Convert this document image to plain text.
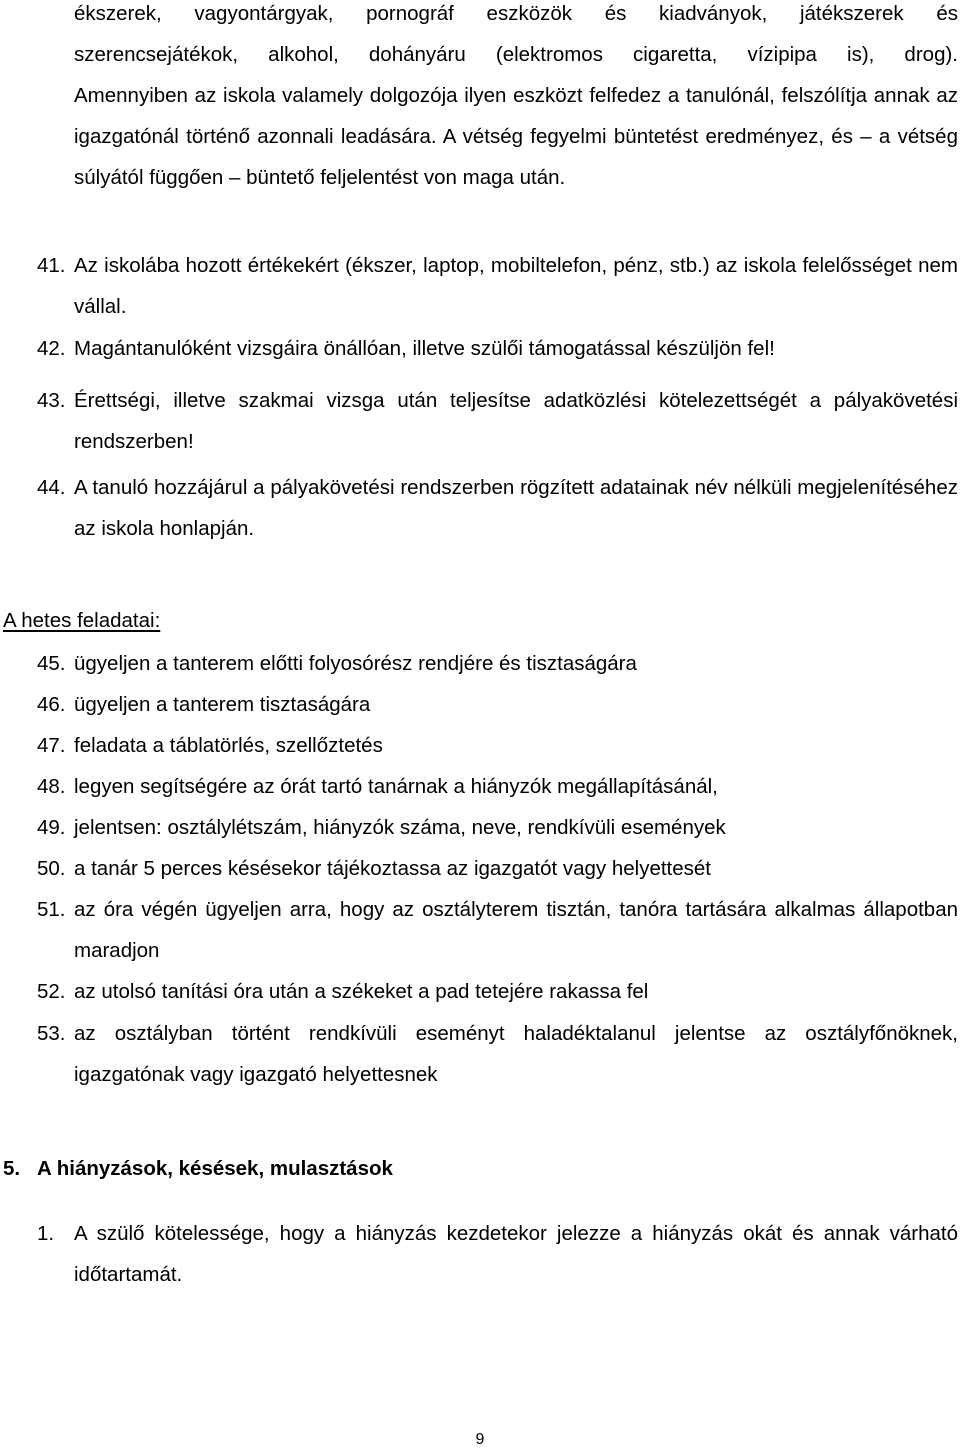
ékszerek, vagyontárgyak, pornográf eszközök és kiadványok, játékszerek és
szerencsejátékok, alkohol, dohányáru (elektromos cigaretta, vízipipa is), drog).
Amennyiben az iskola valamely dolgozója ilyen eszközt felfedez a tanulónál, felszólítja annak az igazgatónál történő azonnali leadására. A vétség fegyelmi büntetést eredményez, és – a vétség súlyától függően – büntető feljelentést von maga után.
41. Az iskolába hozott értékekért (ékszer, laptop, mobiltelefon, pénz, stb.) az iskola felelősséget nem vállal.
42. Magántanulóként vizsgáira önállóan, illetve szülői támogatással készüljön fel!
43. Érettségi, illetve szakmai vizsga után teljesítse adatközlési kötelezettségét a pályakövetési rendszerben!
44. A tanuló hozzájárul a pályakövetési rendszerben rögzített adatainak név nélküli megjelenítéséhez az iskola honlapján.
A hetes feladatai:
45. ügyeljen a tanterem előtti folyosórész rendjére és tisztaságára
46. ügyeljen a tanterem tisztaságára
47. feladata a táblatörlés, szellőztetés
48. legyen segítségére az órát tartó tanárnak a hiányzók megállapításánál,
49. jelentsen: osztálylétszám, hiányzók száma, neve, rendkívüli események
50. a tanár 5 perces késésekor tájékoztassa az igazgatót vagy helyettesét
51. az óra végén ügyeljen arra, hogy az osztályterem tisztán, tanóra tartására alkalmas állapotban maradjon
52. az utolsó tanítási óra után a székeket a pad tetejére rakassa fel
53. az osztályban történt rendkívüli eseményt haladéktalanul jelentse az osztályfőnöknek, igazgatónak vagy igazgató helyettesnek
5. A hiányzások, késések, mulasztások
1. A szülő kötelessége, hogy a hiányzás kezdetekor jelezze a hiányzás okát és annak várható időtartamát.
9
